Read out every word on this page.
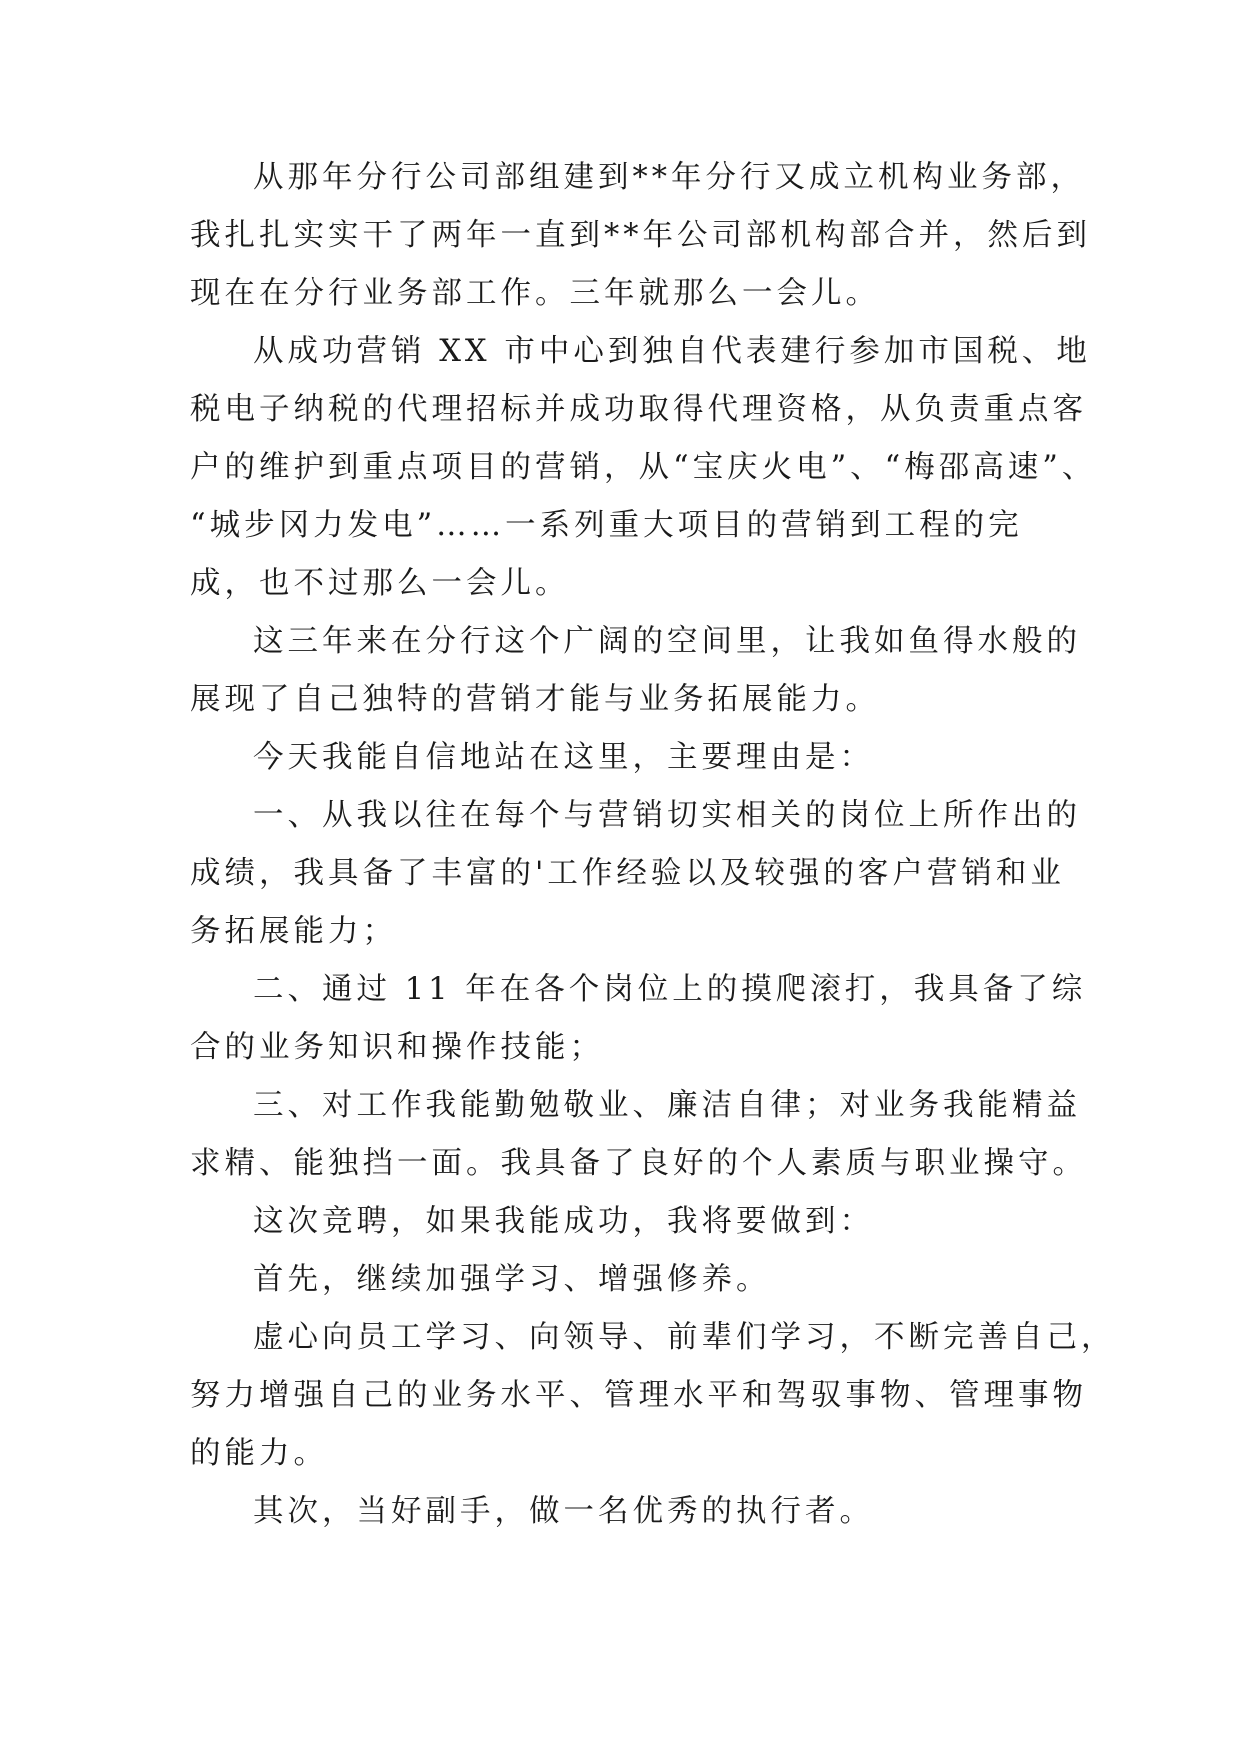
从那年分行公司部组建到**年分行又成立机构业务部，
我扎扎实实干了两年一直到**年公司部机构部合并，然后到
现在在分行业务部工作。三年就那么一会儿。
从成功营销 XX 市中心到独自代表建行参加市国税、地
税电子纳税的代理招标并成功取得代理资格，从负责重点客
户的维护到重点项目的营销，从“宝庆火电”、“梅邵高速”、
“城步冈力发电”……一系列重大项目的营销到工程的完
成，也不过那么一会儿。
这三年来在分行这个广阔的空间里，让我如鱼得水般的
展现了自己独特的营销才能与业务拓展能力。
今天我能自信地站在这里，主要理由是：
一、从我以往在每个与营销切实相关的岗位上所作出的
成绩，我具备了丰富的'工作经验以及较强的客户营销和业
务拓展能力；
二、通过 11 年在各个岗位上的摸爬滚打，我具备了综
合的业务知识和操作技能；
三、对工作我能勤勉敬业、廉洁自律；对业务我能精益
求精、能独挡一面。我具备了良好的个人素质与职业操守。
这次竞聘，如果我能成功，我将要做到：
首先，继续加强学习、增强修养。
虚心向员工学习、向领导、前辈们学习，不断完善自己，
努力增强自己的业务水平、管理水平和驾驭事物、管理事物
的能力。
其次，当好副手，做一名优秀的执行者。
